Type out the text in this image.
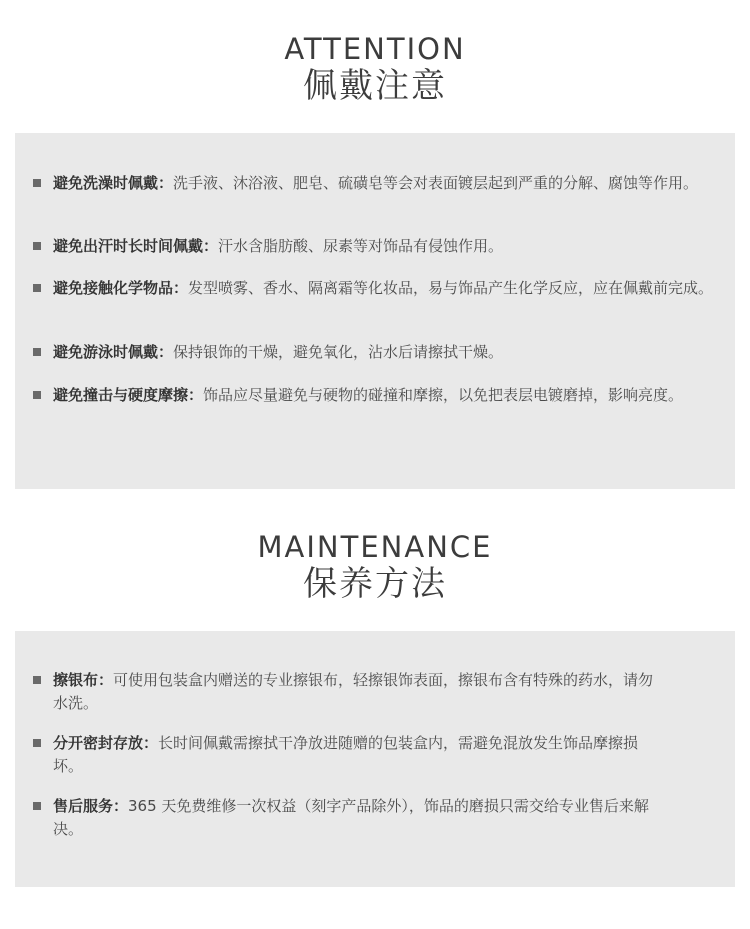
ATTENTION
佩戴注意
避免洗澡时佩戴：洗手液、沐浴液、肥皂、硫磺皂等会对表面镀层起到严重的分解、腐蚀等作用。
避免出汗时长时间佩戴：汗水含脂肪酸、尿素等对饰品有侵蚀作用。
避免接触化学物品：发型喷雾、香水、隔离霜等化妆品，易与饰品产生化学反应，应在佩戴前完成。
避免游泳时佩戴：保持银饰的干燥，避免氧化，沾水后请擦拭干燥。
避免撞击与硬度摩擦：饰品应尽量避免与硬物的碰撞和摩擦，以免把表层电镀磨掉，影响亮度。
MAINTENANCE
保养方法
擦银布：可使用包装盒内赠送的专业擦银布，轻擦银饰表面，擦银布含有特殊的药水，请勿水洗。
分开密封存放：长时间佩戴需擦拭干净放进随赠的包装盒内，需避免混放发生饰品摩擦损坏。
售后服务：365 天免费维修一次权益（刻字产品除外），饰品的磨损只需交给专业售后来解决。
